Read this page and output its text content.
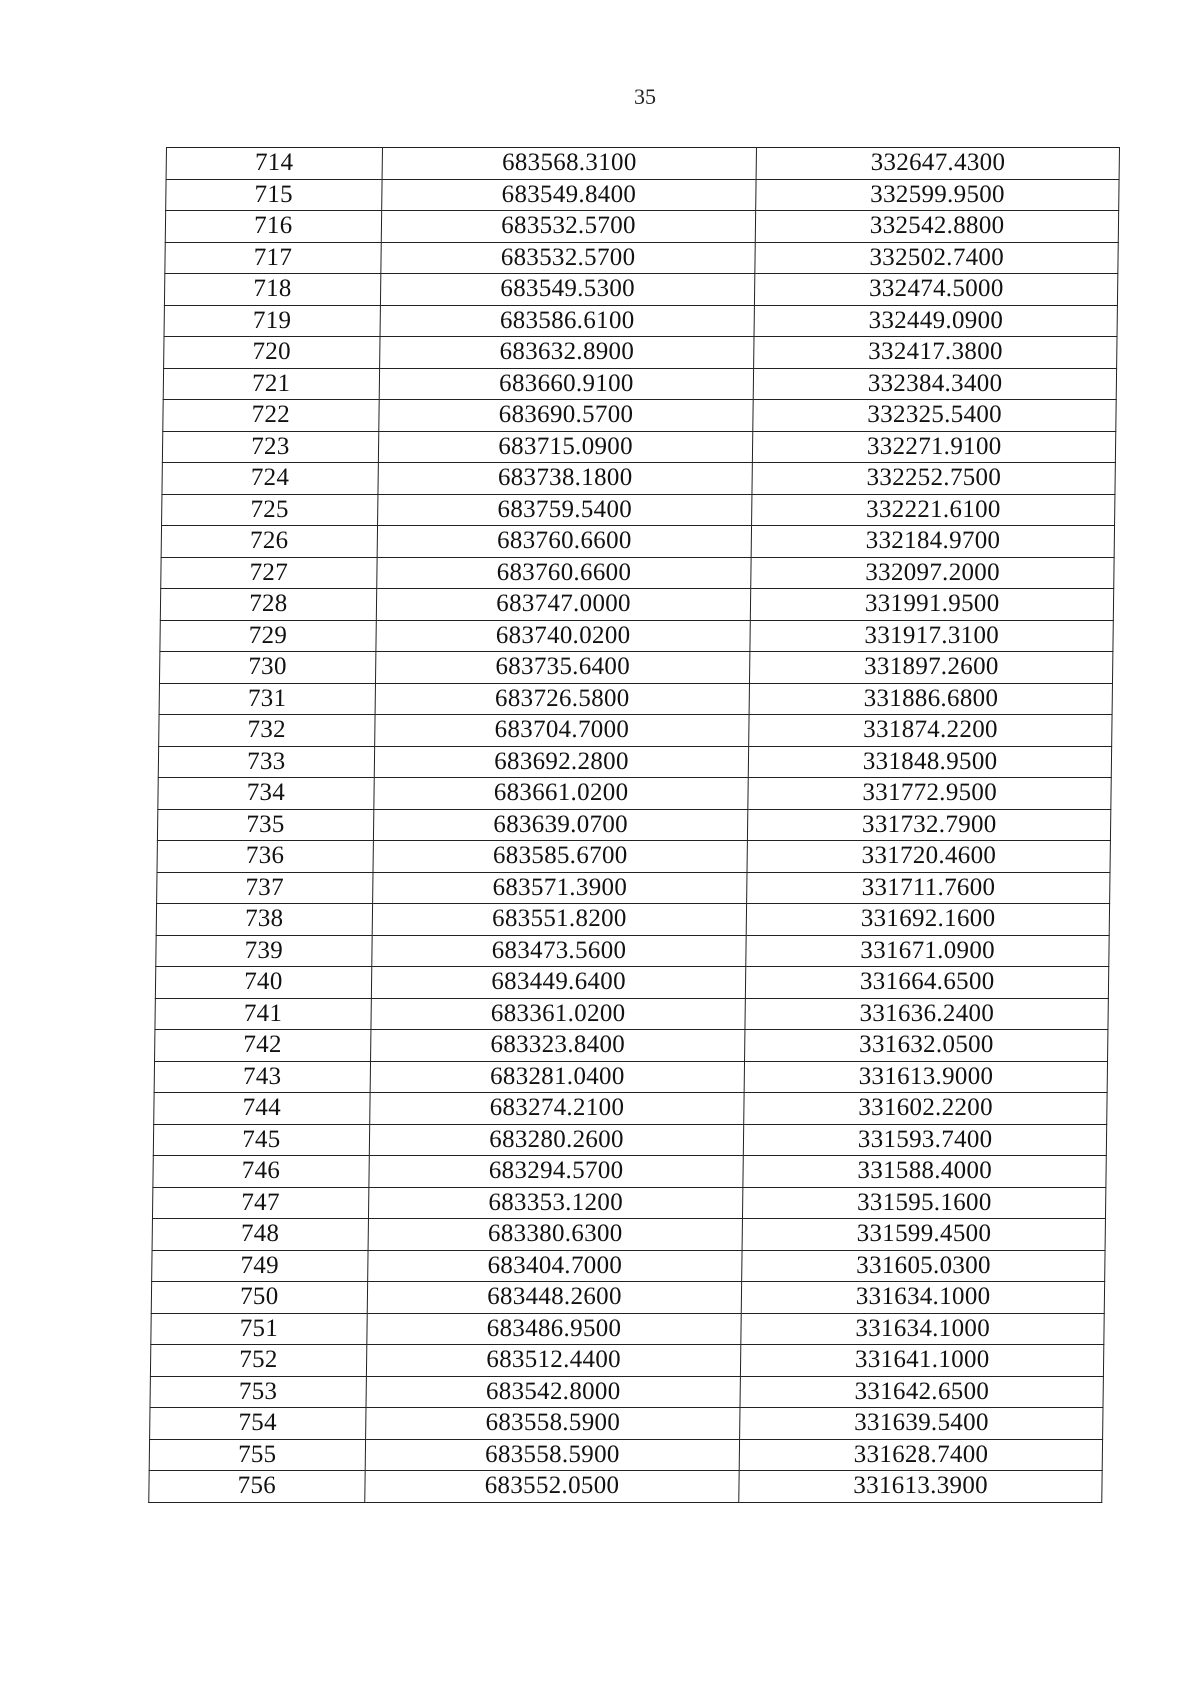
35
714	683568.3100	332647.4300
715	683549.8400	332599.9500
716	683532.5700	332542.8800
717	683532.5700	332502.7400
718	683549.5300	332474.5000
719	683586.6100	332449.0900
720	683632.8900	332417.3800
721	683660.9100	332384.3400
722	683690.5700	332325.5400
723	683715.0900	332271.9100
724	683738.1800	332252.7500
725	683759.5400	332221.6100
726	683760.6600	332184.9700
727	683760.6600	332097.2000
728	683747.0000	331991.9500
729	683740.0200	331917.3100
730	683735.6400	331897.2600
731	683726.5800	331886.6800
732	683704.7000	331874.2200
733	683692.2800	331848.9500
734	683661.0200	331772.9500
735	683639.0700	331732.7900
736	683585.6700	331720.4600
737	683571.3900	331711.7600
738	683551.8200	331692.1600
739	683473.5600	331671.0900
740	683449.6400	331664.6500
741	683361.0200	331636.2400
742	683323.8400	331632.0500
743	683281.0400	331613.9000
744	683274.2100	331602.2200
745	683280.2600	331593.7400
746	683294.5700	331588.4000
747	683353.1200	331595.1600
748	683380.6300	331599.4500
749	683404.7000	331605.0300
750	683448.2600	331634.1000
751	683486.9500	331634.1000
752	683512.4400	331641.1000
753	683542.8000	331642.6500
754	683558.5900	331639.5400
755	683558.5900	331628.7400
756	683552.0500	331613.3900
